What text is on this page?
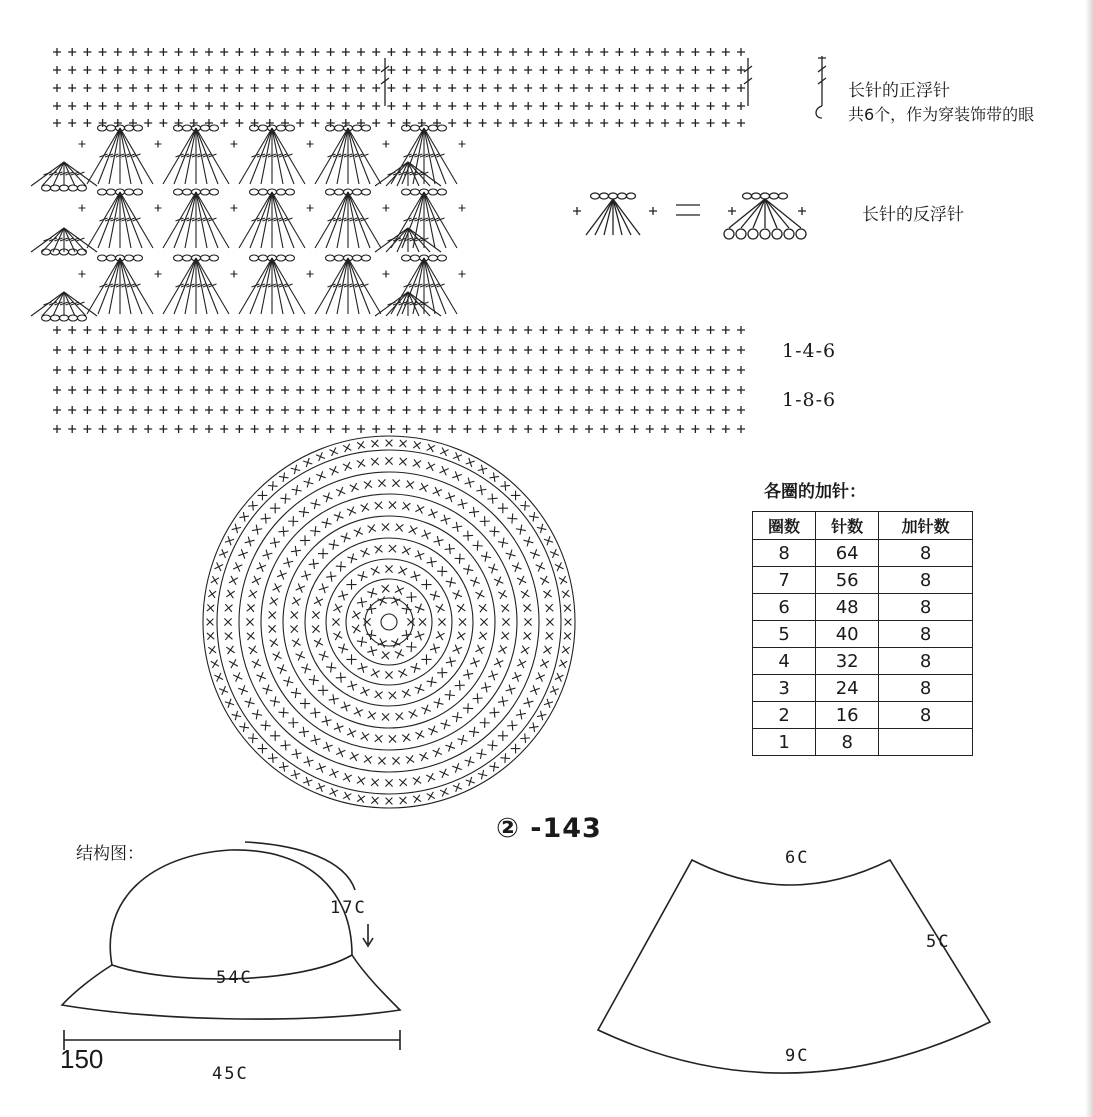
长针的正浮针
共6个，作为穿装饰带的眼
长针的反浮针
1-4-6
1-8-6
各圈的加针：
圈数	针数	加针数
8	64	8
7	56	8
6	48	8
5	40	8
4	32	8
3	24	8
2	16	8
1	8	
② -143
结构图：
17C
54C
45C
150
6C
5C
9C
